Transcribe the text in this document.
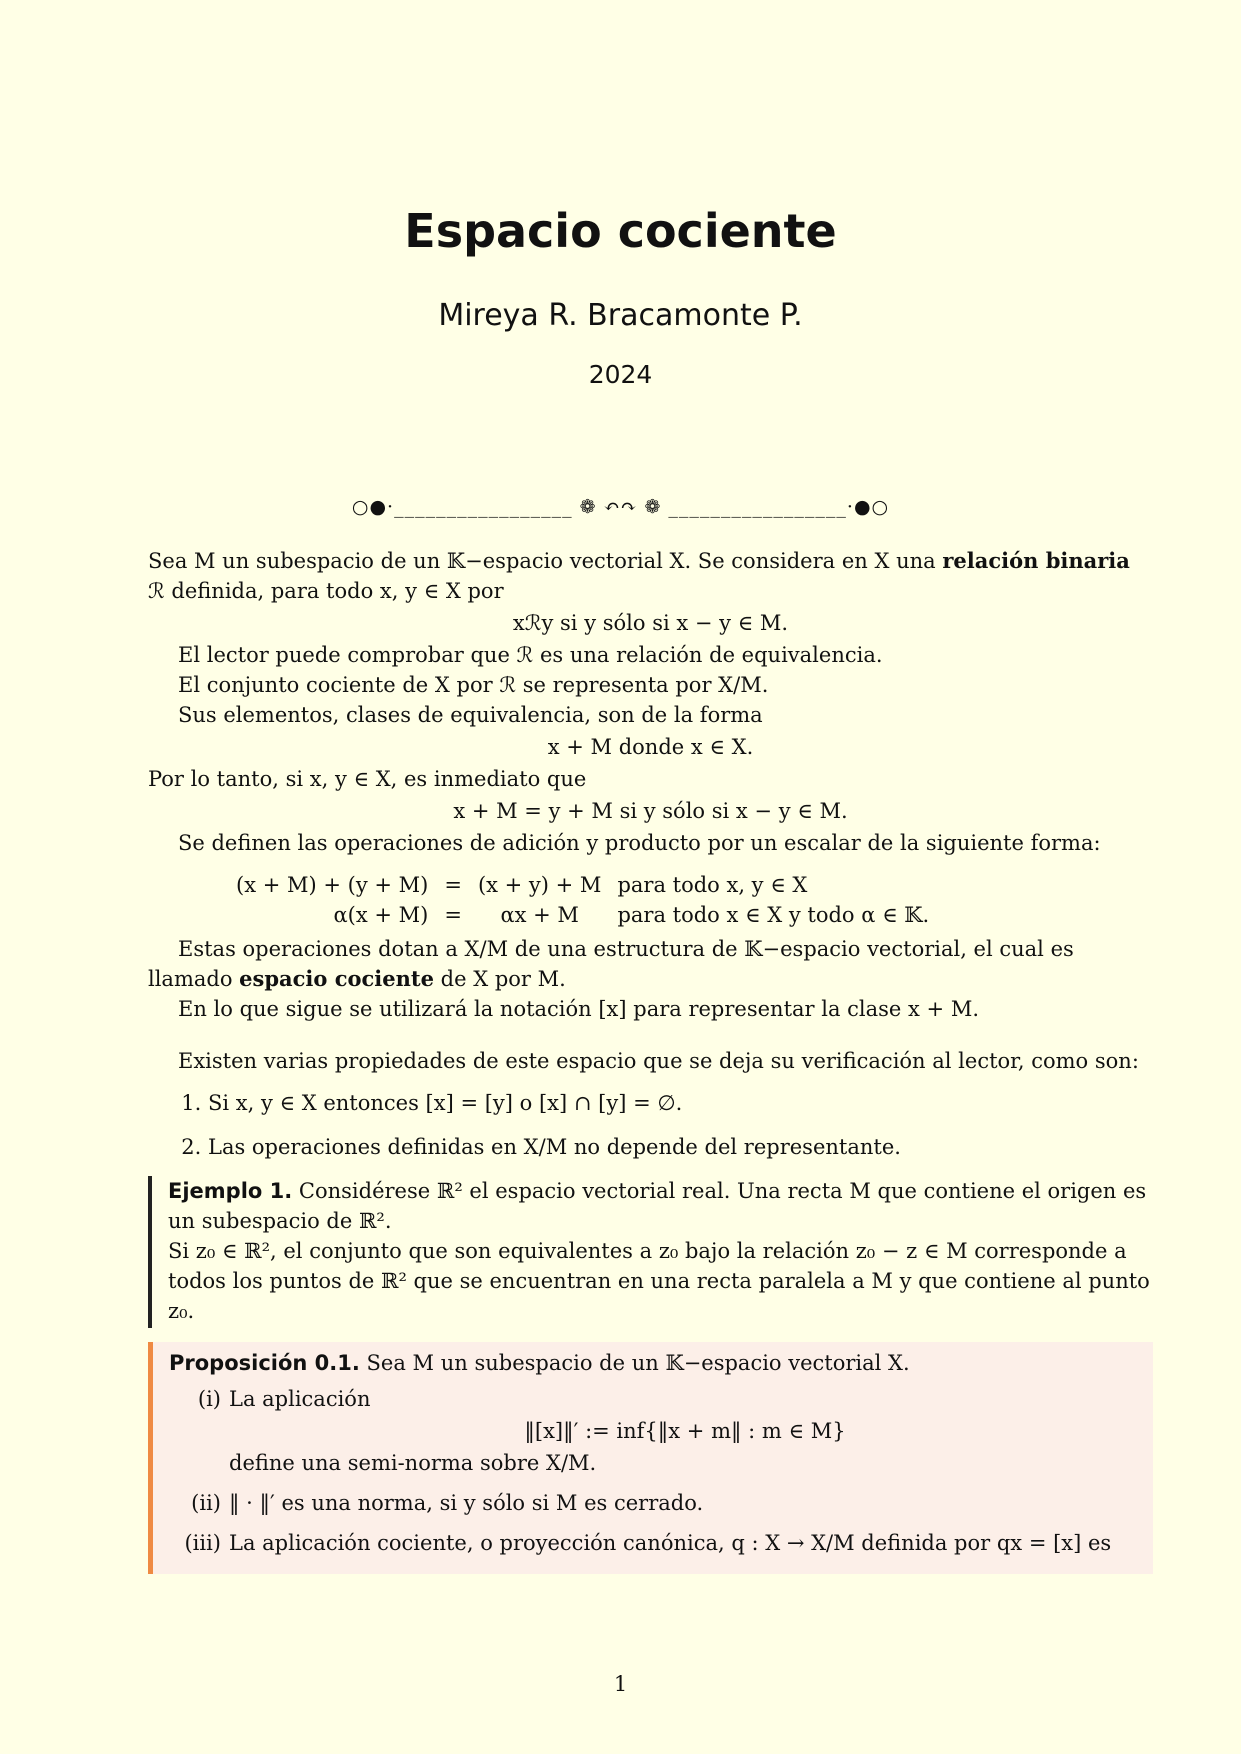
Espacio cociente
Mireya R. Bracamonte P.
2024
○●·_________________ ❁ ↶↷ ❁ _________________·●○

Sea M un subespacio de un 𝕂−espacio vectorial X. Se considera en X una relación binaria ℛ definida, para todo x, y ∈ X por

xℛy si y sólo si x − y ∈ M.

El lector puede comprobar que ℛ es una relación de equivalencia.

El conjunto cociente de X por ℛ se representa por X/M.

Sus elementos, clases de equivalencia, son de la forma

x + M donde x ∈ X.

Por lo tanto, si x, y ∈ X, es inmediato que

x + M = y + M si y sólo si x − y ∈ M.

Se definen las operaciones de adición y producto por un escalar de la siguiente forma:

(x + M) + (y + M)	=	(x + y) + M	para todo x, y ∈ X
α(x + M)	=	αx + M	para todo x ∈ X y todo α ∈ 𝕂.

Estas operaciones dotan a X/M de una estructura de 𝕂−espacio vectorial, el cual es llamado espacio cociente de X por M.

En lo que sigue se utilizará la notación [x] para representar la clase x + M.

Existen varias propiedades de este espacio que se deja su verificación al lector, como son:

1. Si x, y ∈ X entonces [x] = [y] o [x] ∩ [y] = ∅.
2. Las operaciones definidas en X/M no depende del representante.

Ejemplo 1. Considérese ℝ² el espacio vectorial real. Una recta M que contiene el origen es un subespacio de ℝ².

Si z₀ ∈ ℝ², el conjunto que son equivalentes a z₀ bajo la relación z₀ − z ∈ M corresponde a todos los puntos de ℝ² que se encuentran en una recta paralela a M y que contiene al punto z₀.

Proposición 0.1. Sea M un subespacio de un 𝕂−espacio vectorial X.

(i) La aplicación
‖[x]‖′ := inf{‖x + m‖ : m ∈ M}
define una semi-norma sobre X/M.
(ii) ‖ · ‖′ es una norma, si y sólo si M es cerrado.
(iii) La aplicación cociente, o proyección canónica, q : X → X/M definida por qx = [x] es
1
